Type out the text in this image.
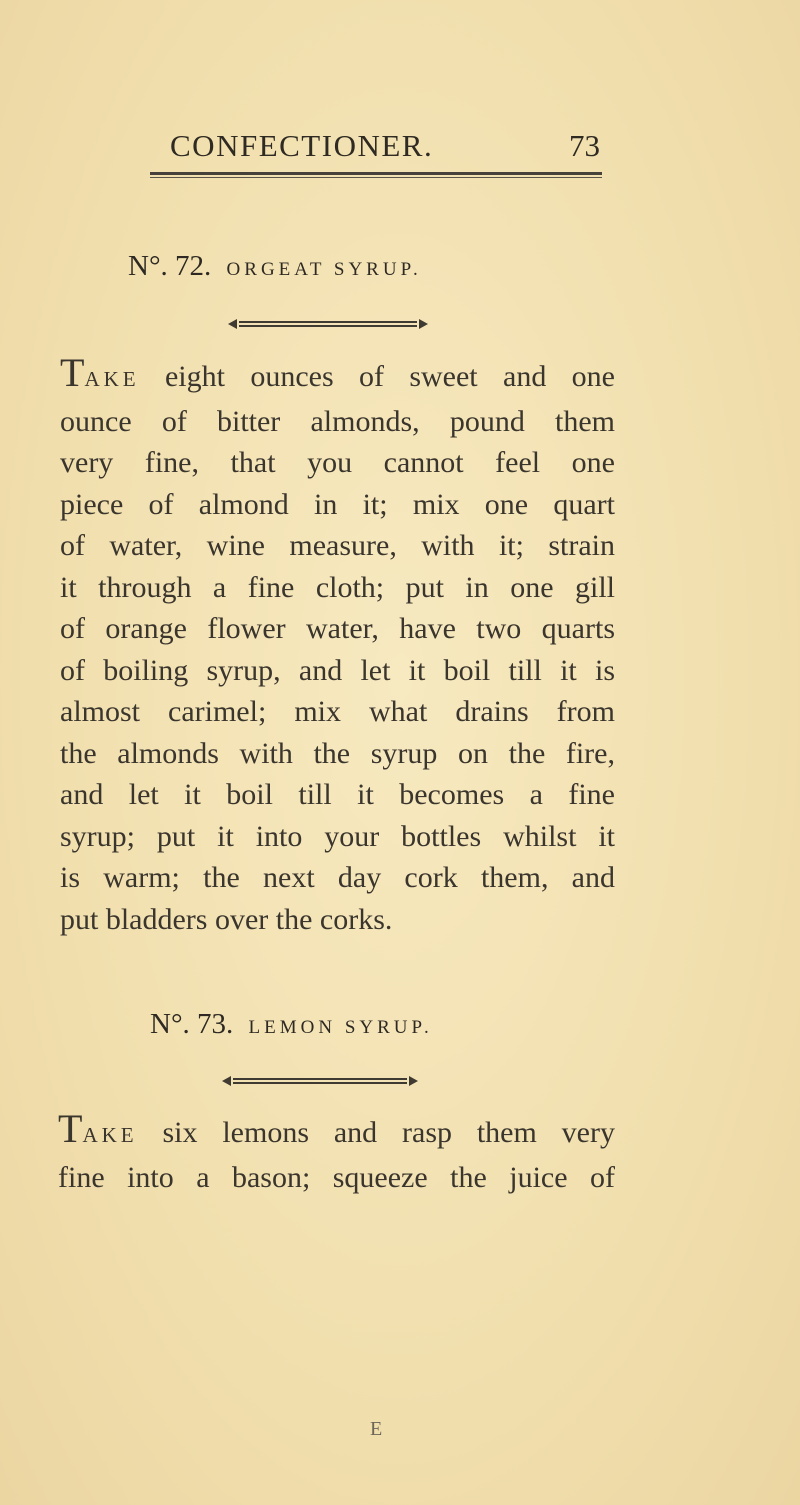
CONFECTIONER.	73
N°. 72. ORGEAT SYRUP.
TAKE eight ounces of sweet and one
ounce of bitter almonds, pound them
very fine, that you cannot feel one
piece of almond in it; mix one quart
of water, wine measure, with it; strain
it through a fine cloth; put in one gill
of orange flower water, have two quarts
of boiling syrup, and let it boil till it is
almost carimel; mix what drains from
the almonds with the syrup on the fire,
and let it boil till it becomes a fine
syrup; put it into your bottles whilst it
is warm; the next day cork them, and
put bladders over the corks.
N°. 73. LEMON SYRUP.
TAKE six lemons and rasp them very
fine into a bason; squeeze the juice of
E
